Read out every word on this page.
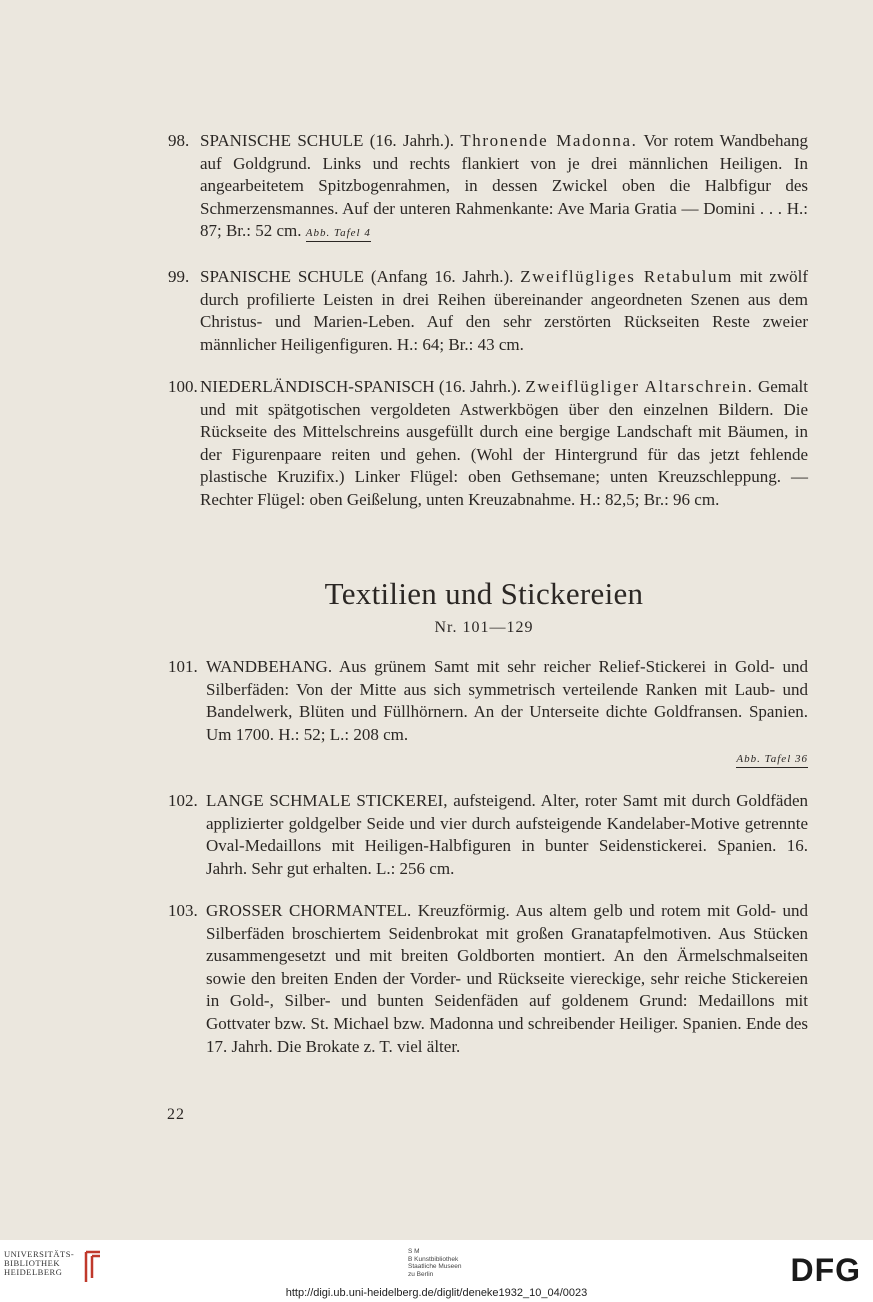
98. SPANISCHE SCHULE (16. Jahrh.). Thronende Madonna. Vor rotem Wandbehang auf Goldgrund. Links und rechts flankiert von je drei männlichen Heiligen. In angearbeitetem Spitzbogenrahmen, in dessen Zwickel oben die Halbfigur des Schmerzensmannes. Auf der unteren Rahmenkante: Ave Maria Gratia — Domini . . . H.: 87; Br.: 52 cm. Abb. Tafel 4

99. SPANISCHE SCHULE (Anfang 16. Jahrh.). Zweiflügliges Retabulum mit zwölf durch profilierte Leisten in drei Reihen übereinander angeordneten Szenen aus dem Christus- und Marien-Leben. Auf den sehr zerstörten Rückseiten Reste zweier männlicher Heiligenfiguren. H.: 64; Br.: 43 cm.

100. NIEDERLÄNDISCH-SPANISCH (16. Jahrh.). Zweiflügliger Altarschrein. Gemalt und mit spätgotischen vergoldeten Astwerkbögen über den einzelnen Bildern. Die Rückseite des Mittelschreins ausgefüllt durch eine bergige Landschaft mit Bäumen, in der Figurenpaare reiten und gehen. (Wohl der Hintergrund für das jetzt fehlende plastische Kruzifix.) Linker Flügel: oben Gethsemane; unten Kreuzschleppung. — Rechter Flügel: oben Geißelung, unten Kreuzabnahme. H.: 82,5; Br.: 96 cm.

Textilien und Stickereien
Nr. 101—129
101. WANDBEHANG. Aus grünem Samt mit sehr reicher Relief-Stickerei in Gold- und Silberfäden: Von der Mitte aus sich symmetrisch verteilende Ranken mit Laub- und Bandelwerk, Blüten und Füllhörnern. An der Unterseite dichte Goldfransen. Spanien. Um 1700. H.: 52; L.: 208 cm.

Abb. Tafel 36
102. LANGE SCHMALE STICKEREI, aufsteigend. Alter, roter Samt mit durch Goldfäden applizierter goldgelber Seide und vier durch aufsteigende Kandelaber-Motive getrennte Oval-Medaillons mit Heiligen-Halbfiguren in bunter Seidenstickerei. Spanien. 16. Jahrh. Sehr gut erhalten. L.: 256 cm.

103. GROSSER CHORMANTEL. Kreuzförmig. Aus altem gelb und rotem mit Gold- und Silberfäden broschiertem Seidenbrokat mit großen Granatapfelmotiven. Aus Stücken zusammengesetzt und mit breiten Goldborten montiert. An den Ärmelschmalseiten sowie den breiten Enden der Vorder- und Rückseite viereckige, sehr reiche Stickereien in Gold-, Silber- und bunten Seidenfäden auf goldenem Grund: Medaillons mit Gottvater bzw. St. Michael bzw. Madonna und schreibender Heiliger. Spanien. Ende des 17. Jahrh. Die Brokate z. T. viel älter.

22
UNIVERSITÄTS-
BIBLIOTHEK
HEIDELBERG
S M
B Kunstbibliothek
Staatliche Museen
zu Berlin	DFG
http://digi.ub.uni-heidelberg.de/diglit/deneke1932_10_04/0023
